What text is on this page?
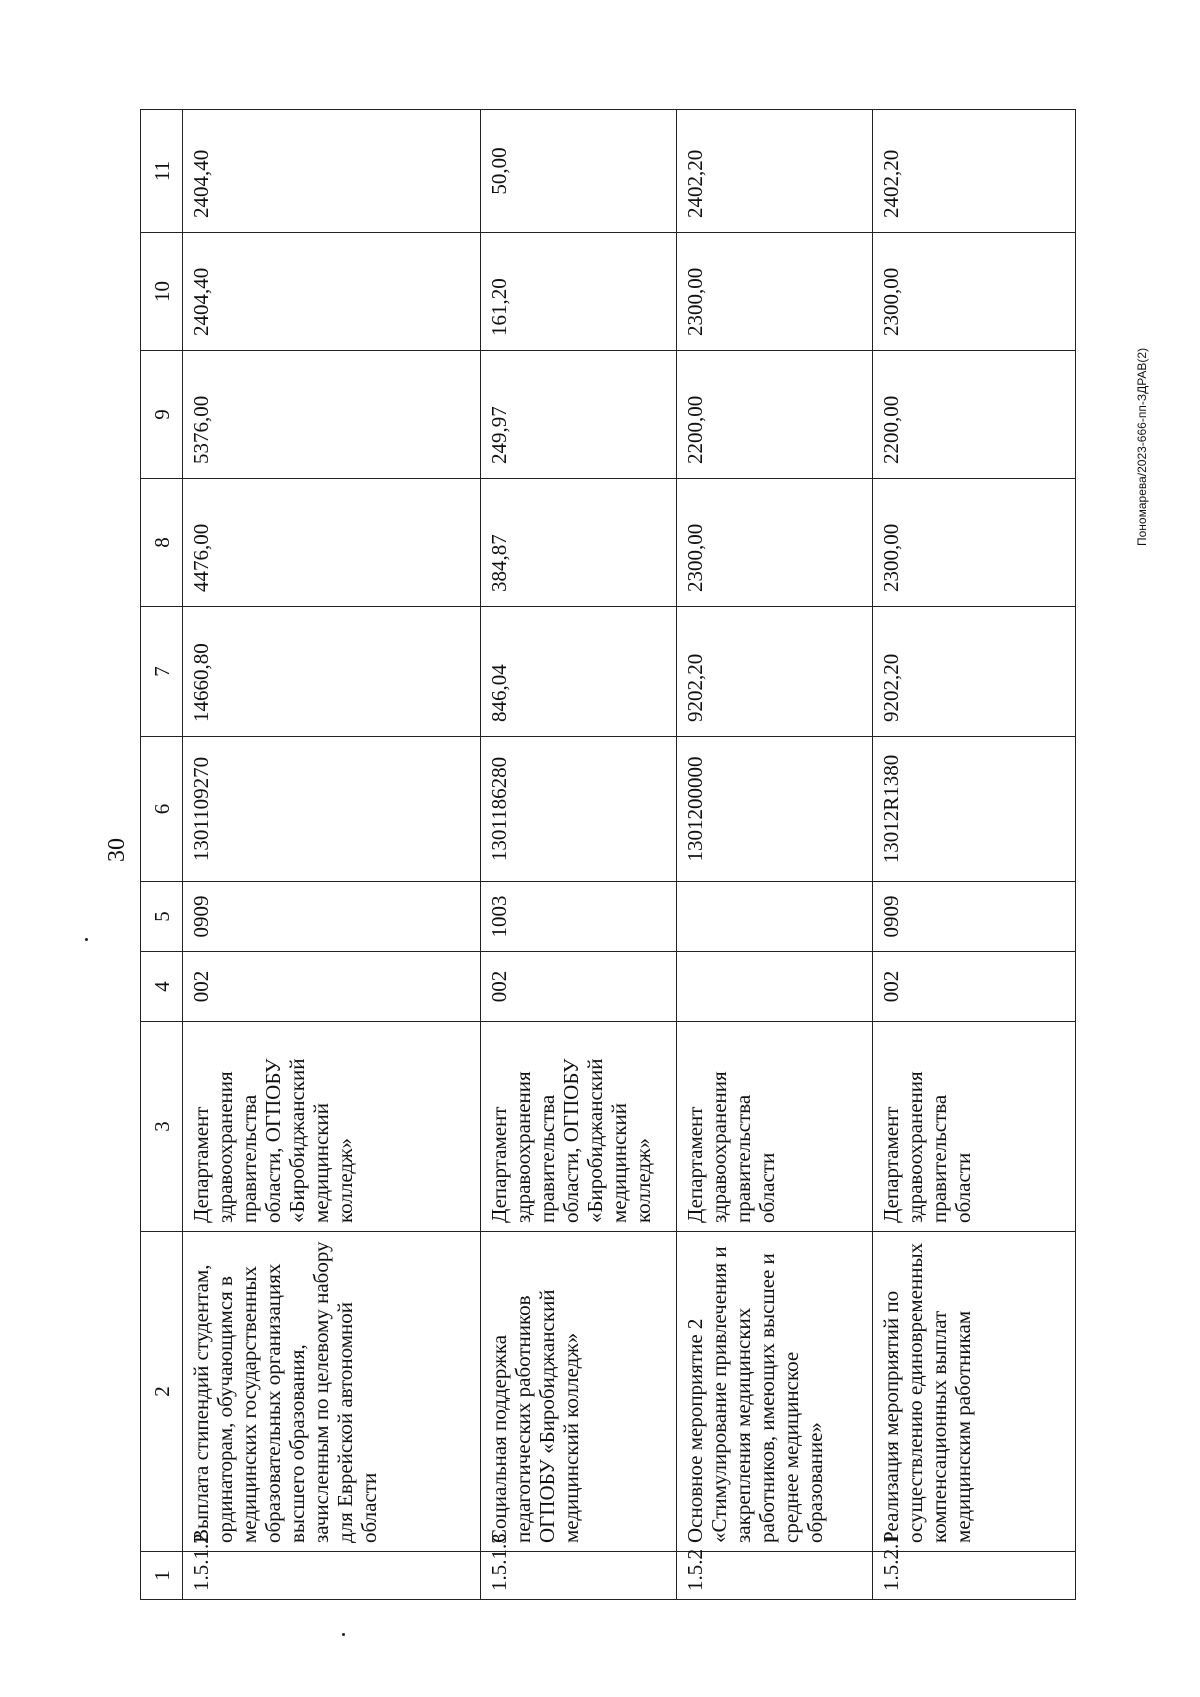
30
Пономарева/2023-666-пп-ЗДРАВ(2)
1	2	3	4	5	6	7	8	9	10	11
1.5.1.2	Выплата стипендий студентам, ординаторам, обучающимся в медицинских государственных образовательных организациях высшего образования, зачисленным по целевому набору для Еврейской автономной области	Департамент здравоохранения правительства области, ОГПОБУ «Биробиджанский медицинский колледж»	002	0909	1301109270	14660,80	4476,00	5376,00	2404,40	2404,40
1.5.1.3	Социальная поддержка педагогических работников ОГПОБУ «Биробиджанский медицинский колледж»	Департамент здравоохранения правительства области, ОГПОБУ «Биробиджанский медицинский колледж»	002	1003	1301186280	846,04	384,87	249,97	161,20	50,00
1.5.2	Основное мероприятие 2 «Стимулирование привлечения и закрепления медицинских работников, имеющих высшее и среднее медицинское образование»	Департамент здравоохранения правительства области			1301200000	9202,20	2300,00	2200,00	2300,00	2402,20
1.5.2.1	Реализация мероприятий по осуществлению единовременных компенсационных выплат медицинским работникам	Департамент здравоохранения правительства области	002	0909	13012R1380	9202,20	2300,00	2200,00	2300,00	2402,20
